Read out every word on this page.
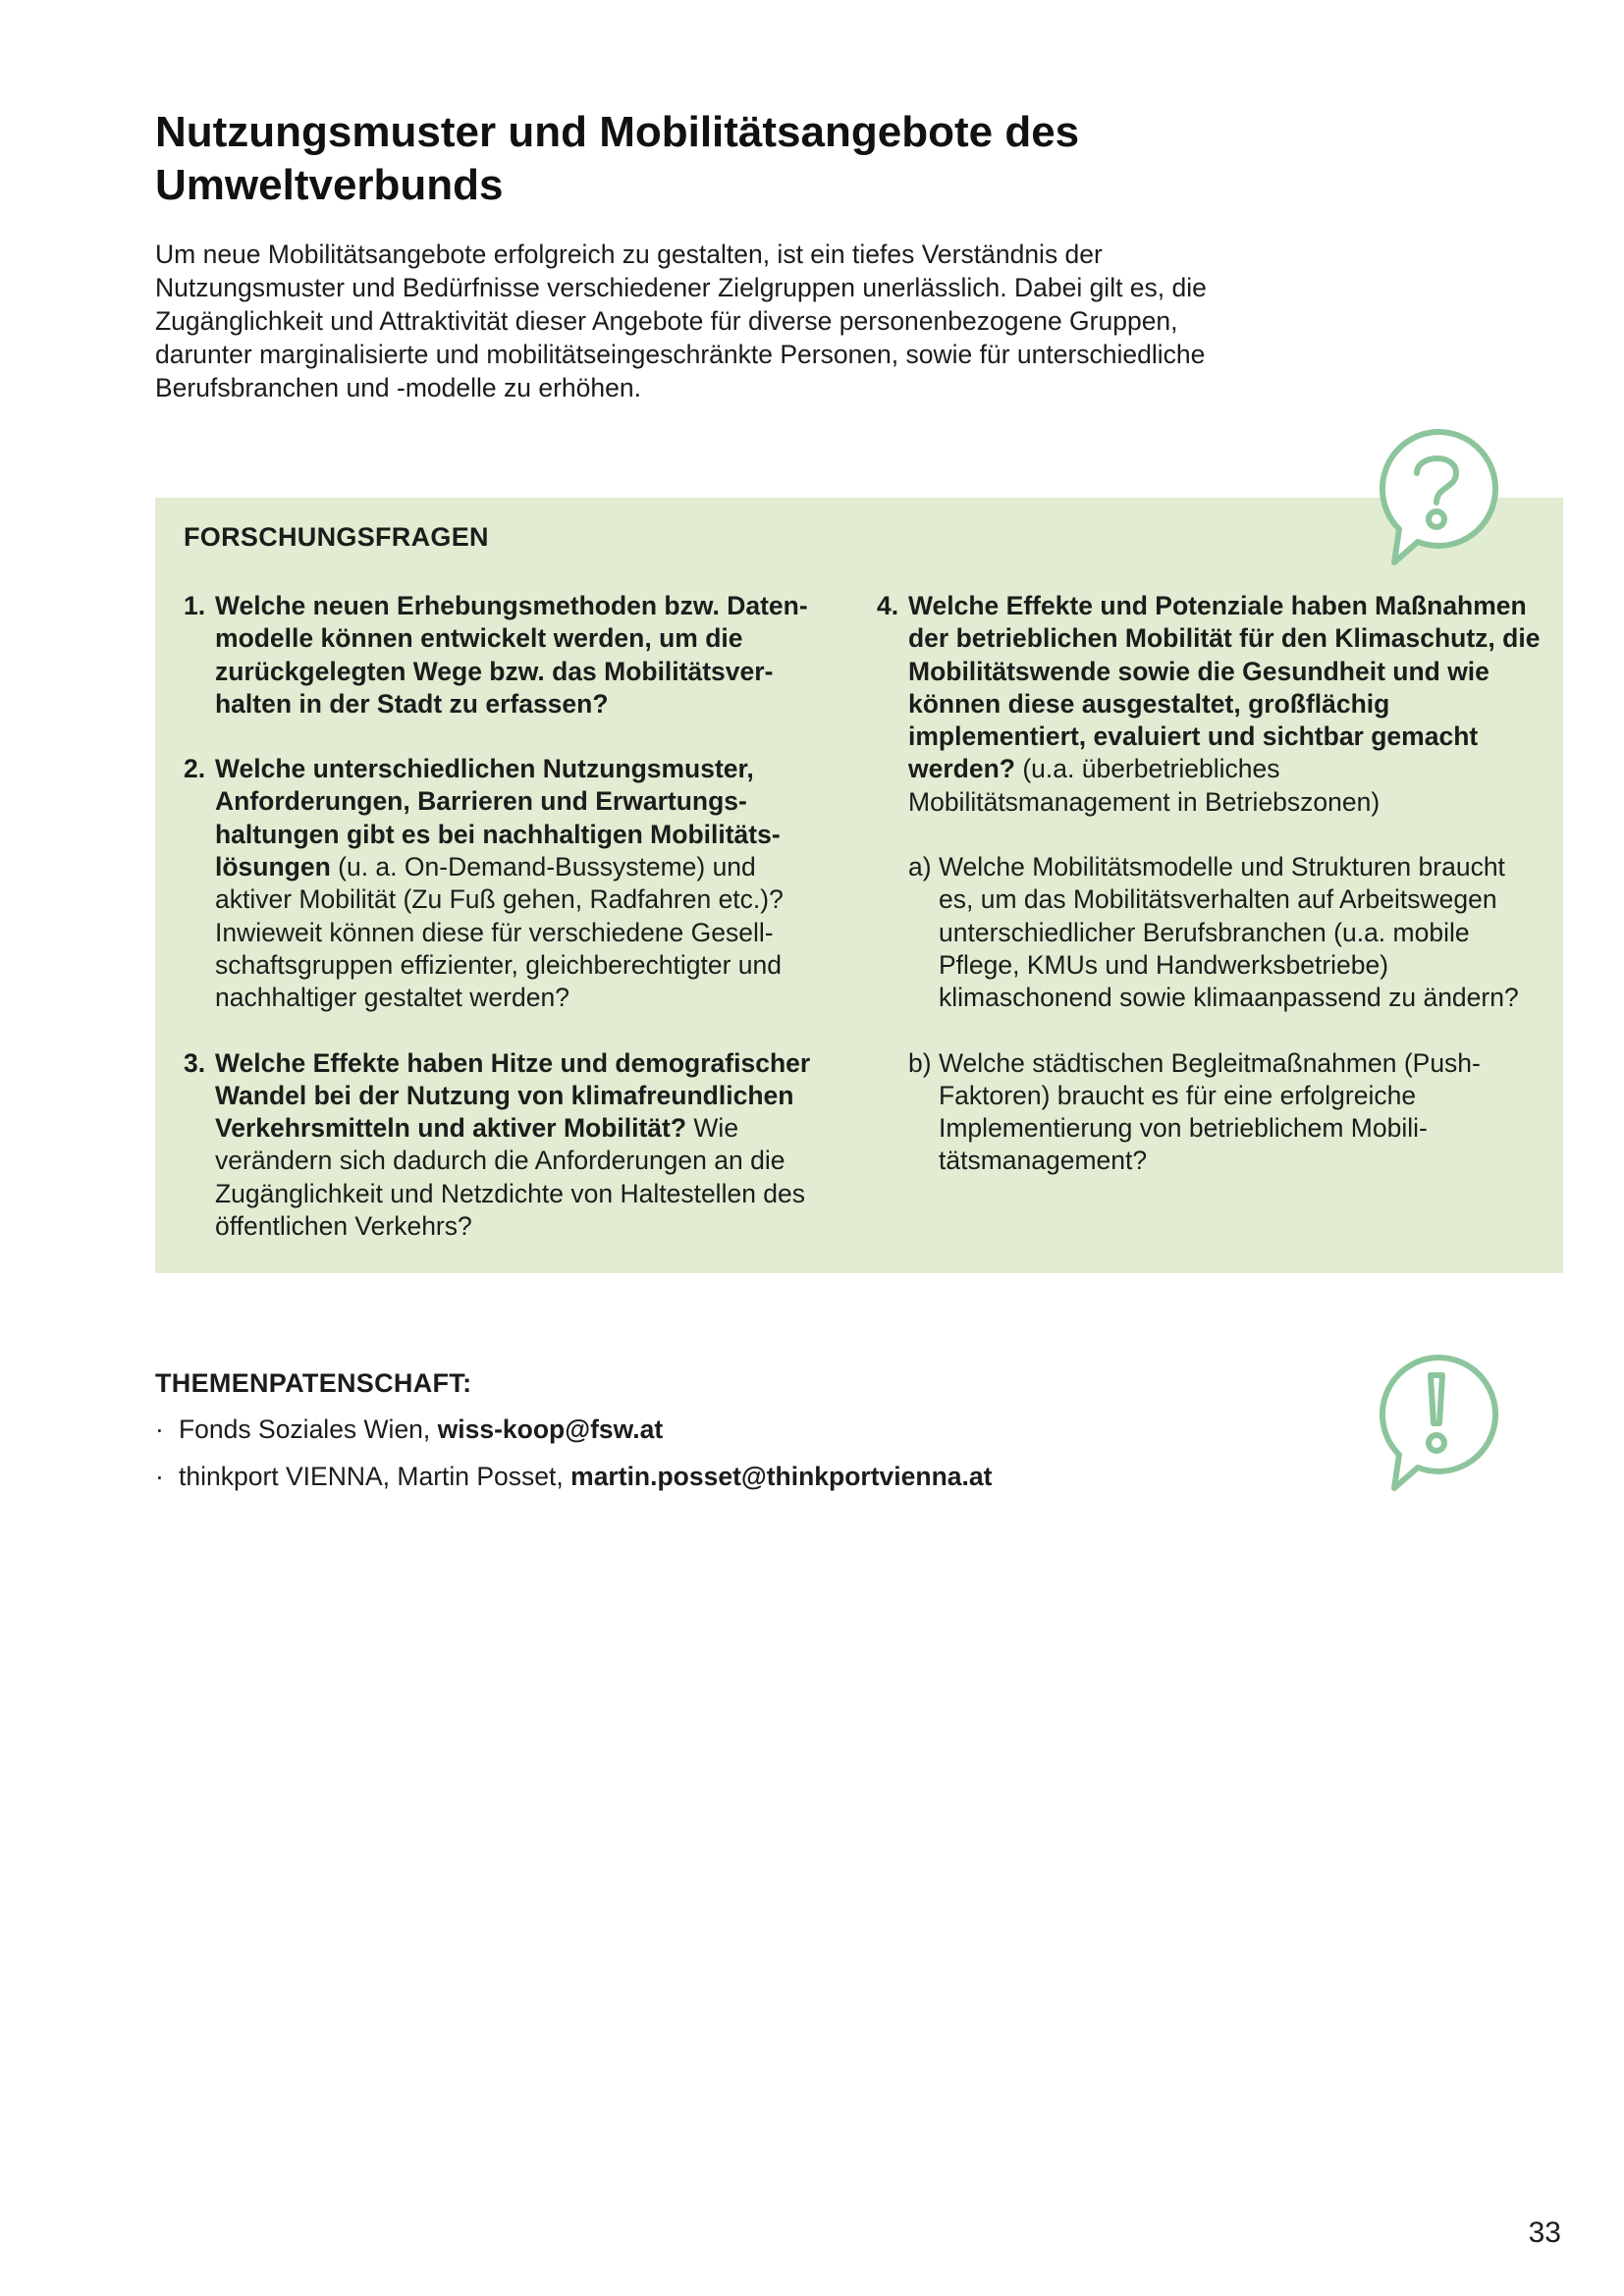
Nutzungsmuster und Mobilitätsangebote des Umweltverbunds

Um neue Mobilitätsangebote erfolgreich zu gestalten, ist ein tiefes Verständnis der Nutzungsmuster und Bedürfnisse verschiedener Zielgruppen unerlässlich. Dabei gilt es, die Zugänglichkeit und Attraktivität dieser Angebote für diverse personenbezogene Gruppen, darunter marginalisierte und mobilitätseingeschränkte Personen, sowie für unterschiedliche Berufsbranchen und -modelle zu erhöhen.

FORSCHUNGSFRAGEN
1. Welche neuen Erhebungsmethoden bzw. Datenmodelle können entwickelt werden, um die zurückgelegten Wege bzw. das Mobilitätsverhalten in der Stadt zu erfassen?
2. Welche unterschiedlichen Nutzungsmuster, Anforderungen, Barrieren und Erwartungshaltungen gibt es bei nachhaltigen Mobilitätslösungen (u. a. On-Demand-Bussysteme) und aktiver Mobilität (Zu Fuß gehen, Radfahren etc.)? Inwieweit können diese für verschiedene Gesellschaftsgruppen effizienter, gleichberechtigter und nachhaltiger gestaltet werden?
3. Welche Effekte haben Hitze und demografischer Wandel bei der Nutzung von klimafreundlichen Verkehrsmitteln und aktiver Mobilität? Wie verändern sich dadurch die Anforderungen an die Zugänglichkeit und Netzdichte von Haltestellen des öffentlichen Verkehrs?
4. Welche Effekte und Potenziale haben Maßnahmen der betrieblichen Mobilität für den Klimaschutz, die Mobilitätswende sowie die Gesundheit und wie können diese ausgestaltet, großflächig implementiert, evaluiert und sichtbar gemacht werden? (u.a. überbetriebliches Mobilitätsmanagement in Betriebszonen)
a) Welche Mobilitätsmodelle und Strukturen braucht es, um das Mobilitätsverhalten auf Arbeitswegen unterschiedlicher Berufsbranchen (u.a. mobile Pflege, KMUs und Handwerksbetriebe) klimaschonend sowie klimaanpassend zu ändern?
b) Welche städtischen Begleitmaßnahmen (Push-Faktoren) braucht es für eine erfolgreiche Implementierung von betrieblichem Mobilitätsmanagement?
THEMENPATENSCHAFT:
· Fonds Soziales Wien, wiss-koop@fsw.at
· thinkport VIENNA, Martin Posset, martin.posset@thinkportvienna.at
33
